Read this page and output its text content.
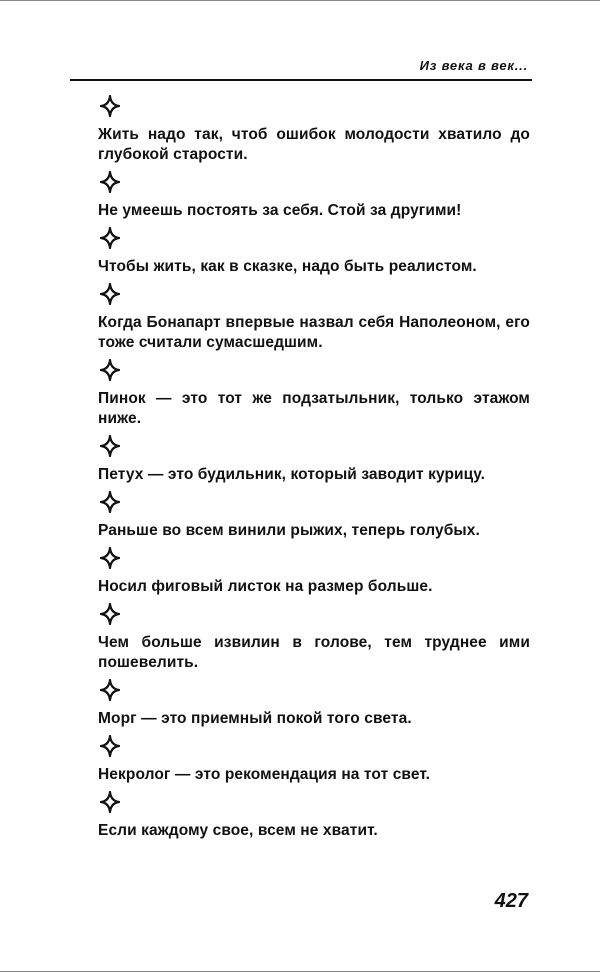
Из века в век...
Жить надо так, чтоб ошибок молодости хватило до глубокой старости.
Не умеешь постоять за себя. Стой за другими!
Чтобы жить, как в сказке, надо быть реалистом.
Когда Бонапарт впервые назвал себя Наполеоном, его тоже считали сумасшедшим.
Пинок — это тот же подзатыльник, только этажом ниже.
Петух — это будильник, который заводит курицу.
Раньше во всем винили рыжих, теперь голубых.
Носил фиговый листок на размер больше.
Чем больше извилин в голове, тем труднее ими пошевелить.
Морг — это приемный покой того света.
Некролог — это рекомендация на тот свет.
Если каждому свое, всем не хватит.
427
